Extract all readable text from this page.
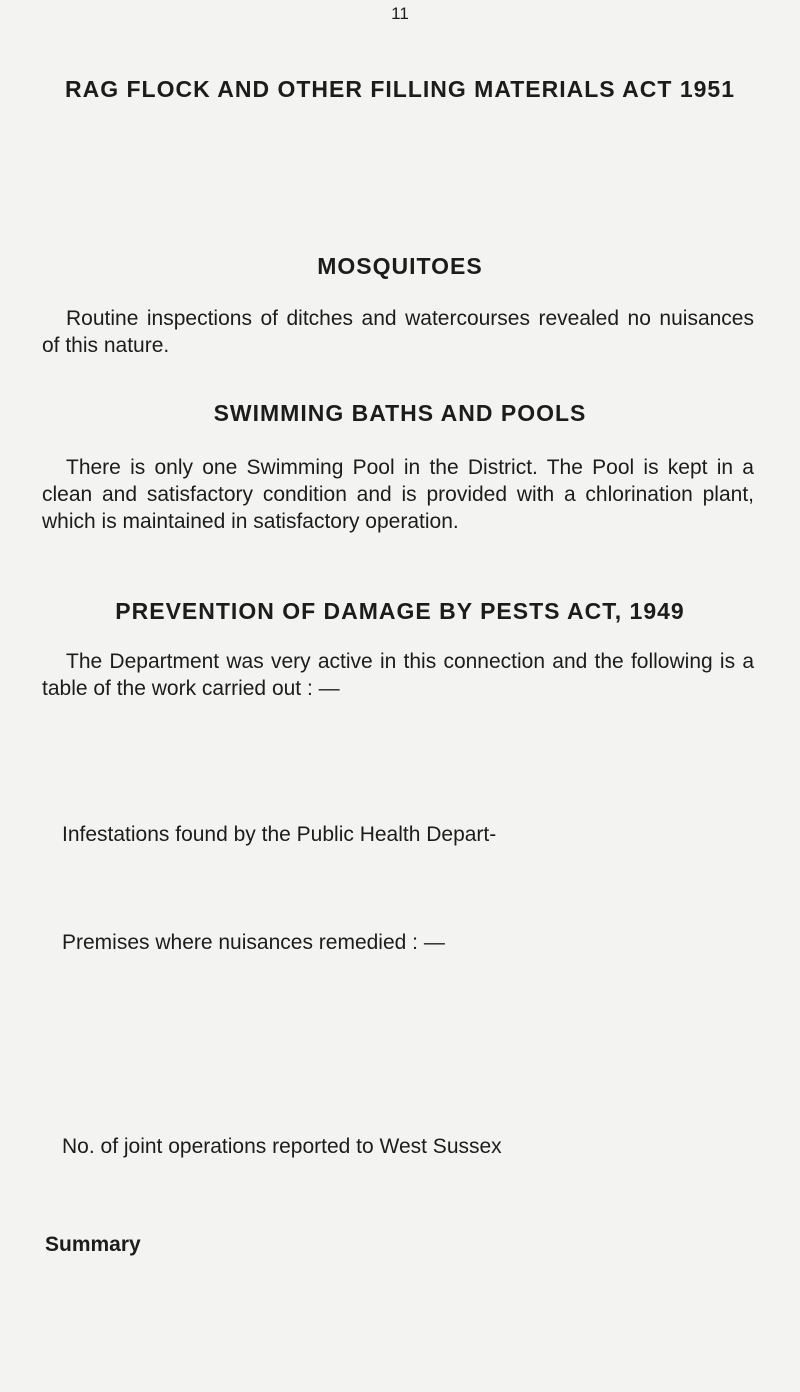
11
RAG FLOCK AND OTHER FILLING MATERIALS ACT 1951
MOSQUITOES
Routine inspections of ditches and watercourses revealed no nuisances of this nature.
SWIMMING BATHS AND POOLS
There is only one Swimming Pool in the District. The Pool is kept in a clean and satisfactory condition and is provided with a chlorination plant, which is maintained in satisfactory operation.
PREVENTION OF DAMAGE BY PESTS ACT, 1949
The Department was very active in this connection and the following is a table of the work carried out : —
Infestations found by the Public Health Depart-
Premises where nuisances remedied : —
No. of joint operations reported to West Sussex
Summary
